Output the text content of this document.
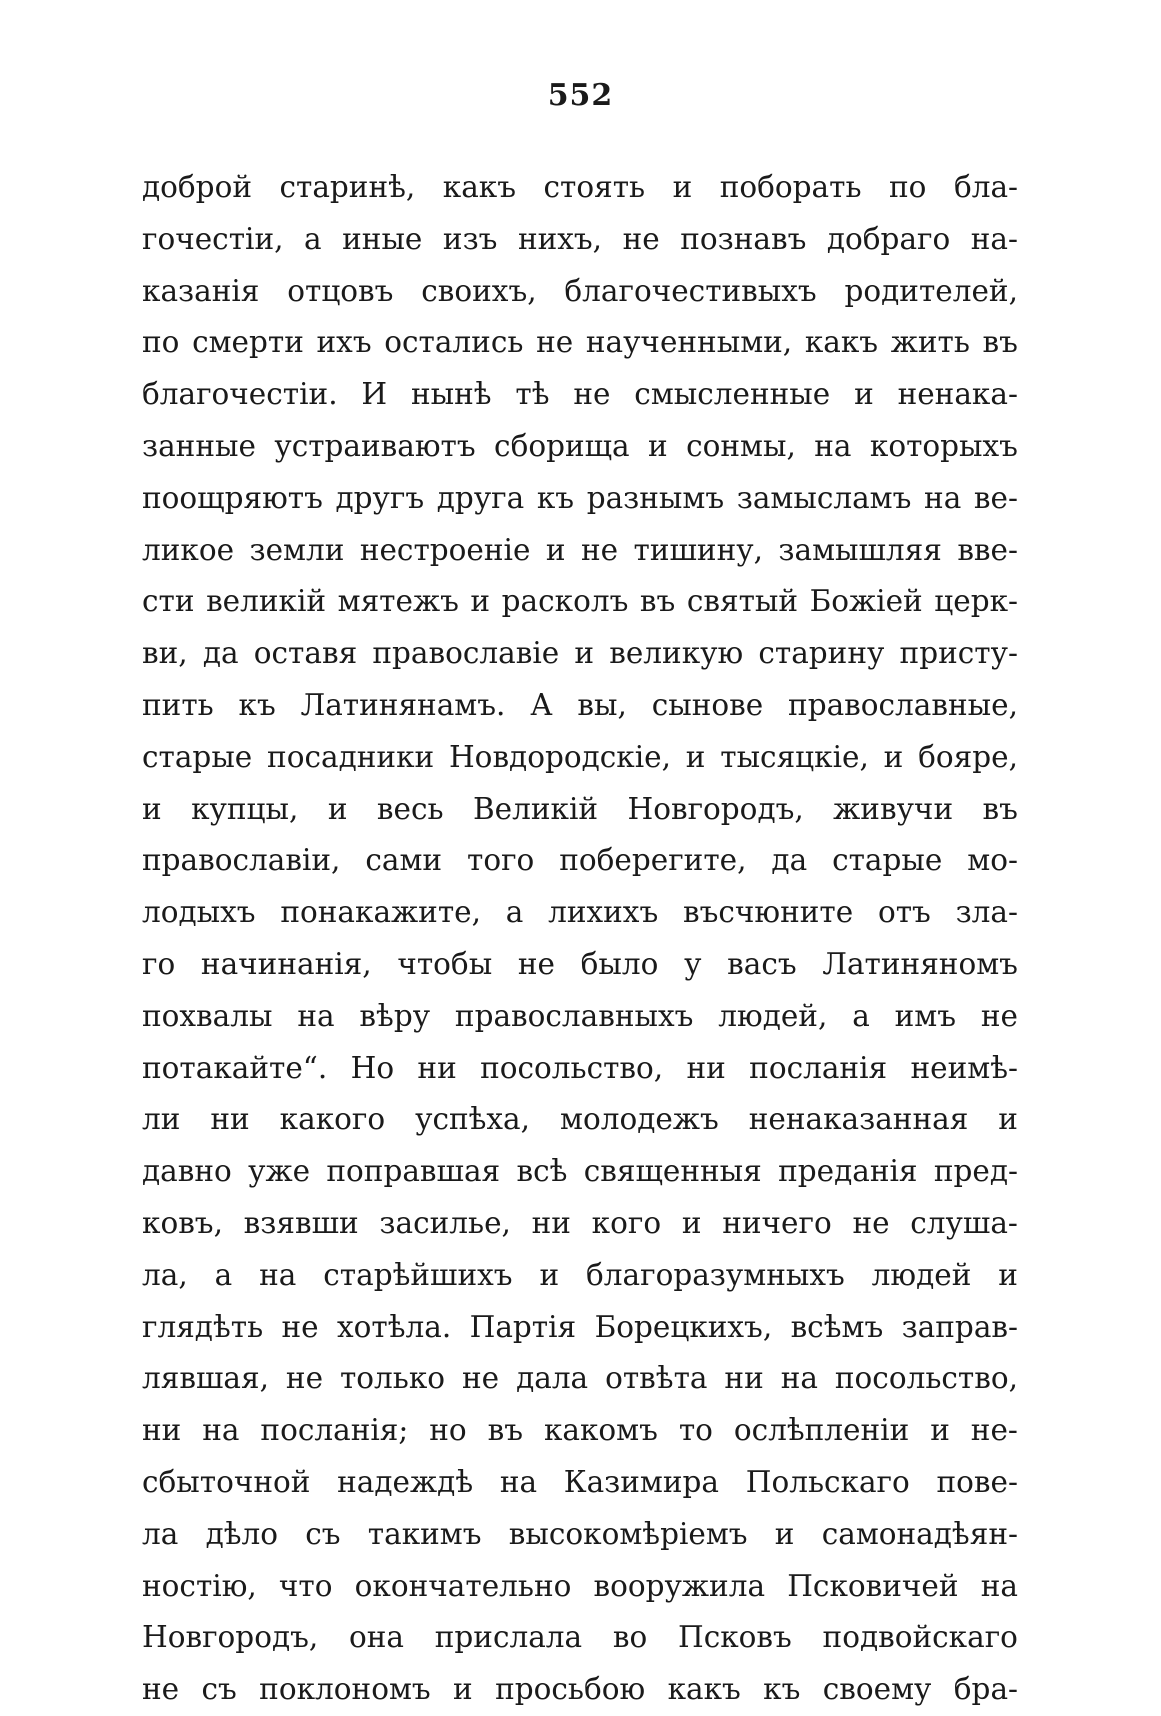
552
доброй старинѣ, какъ стоять и поборать по бла-
гочестіи, а иные изъ нихъ, не познавъ добраго на-
казанія отцовъ своихъ, благочестивыхъ родителей,
по смерти ихъ остались не наученными, какъ жить въ
благочестіи. И нынѣ тѣ не смысленные и ненака-
занные устраиваютъ сборища и сонмы, на которыхъ
поощряютъ другъ друга къ разнымъ замысламъ на ве-
ликое земли нестроеніе и не тишину, замышляя вве-
сти великій мятежъ и расколъ въ святый Божіей церк-
ви, да оставя православіе и великую старину присту-
пить къ Латинянамъ. А вы, сынове православные,
старые посадники Новдородскіе, и тысяцкіе, и бояре,
и купцы, и весь Великій Новгородъ, живучи въ
православіи, сами того поберегите, да старые мо-
лодыхъ понакажите, а лихихъ въсчюните отъ зла-
го начинанія, чтобы не было у васъ Латиняномъ
похвалы на вѣру православныхъ людей, а имъ не
потакайте“. Но ни посольство, ни посланія неимѣ-
ли ни какого успѣха, молодежъ ненаказанная и
давно уже поправшая всѣ священныя преданія пред-
ковъ, взявши засилье, ни кого и ничего не слушa-
ла, а на старѣйшихъ и благоразумныхъ людей и
глядѣть не хотѣла. Партія Борецкихъ, всѣмъ заправ-
лявшая, не только не дала отвѣта ни на посольство,
ни на посланія; но въ какомъ то ослѣпленіи и не-
сбыточной надеждѣ на Казимира Польскаго пове-
ла дѣло съ такимъ высокомѣріемъ и самонадѣян-
ностію, что окончательно вооружила Псковичей на
Новгородъ, она прислала во Псковъ подвойскаго
не съ поклономъ и просьбою какъ къ своему бра-
